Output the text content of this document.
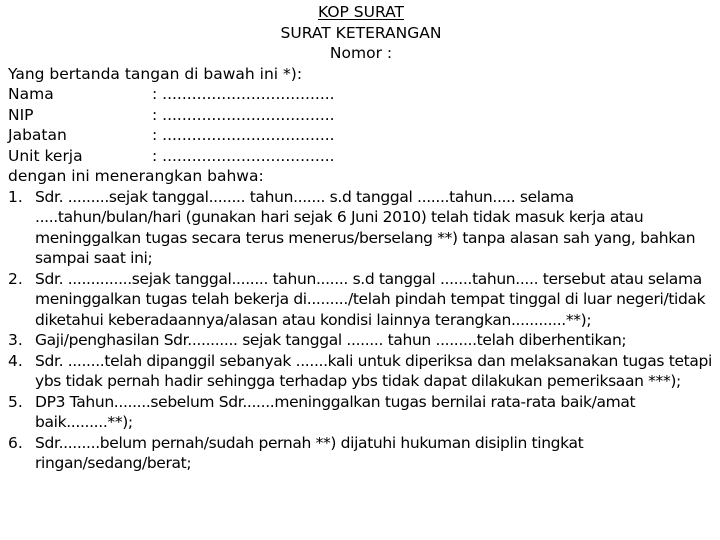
KOP SURAT
SURAT KETERANGAN
Nomor :
Yang bertanda tangan di bawah ini *):
Nama	: ...................................
NIP	: ...................................
Jabatan	: ...................................
Unit kerja	: ...................................
dengan ini menerangkan bahwa:
1. Sdr. .........sejak tanggal........ tahun....... s.d tanggal .......tahun..... selama .....tahun/bulan/hari (gunakan hari sejak 6 Juni 2010) telah tidak masuk kerja atau meninggalkan tugas secara terus menerus/berselang **) tanpa alasan sah yang, bahkan sampai saat ini;
2. Sdr. ..............sejak tanggal........ tahun....... s.d tanggal .......tahun..... tersebut atau selama meninggalkan tugas telah bekerja di........./telah pindah tempat tinggal di luar negeri/tidak diketahui keberadaannya/alasan atau kondisi lainnya terangkan............**);
3. Gaji/penghasilan Sdr........... sejak tanggal ........ tahun .........telah diberhentikan;
4. Sdr. ........telah dipanggil sebanyak .......kali untuk diperiksa dan melaksanakan tugas tetapi ybs tidak pernah hadir sehingga terhadap ybs tidak dapat dilakukan pemeriksaan ***);
5. DP3 Tahun........sebelum Sdr.......meninggalkan tugas bernilai rata-rata baik/amat baik.........**);
6. Sdr.........belum pernah/sudah pernah **) dijatuhi hukuman disiplin tingkat ringan/sedang/berat;
